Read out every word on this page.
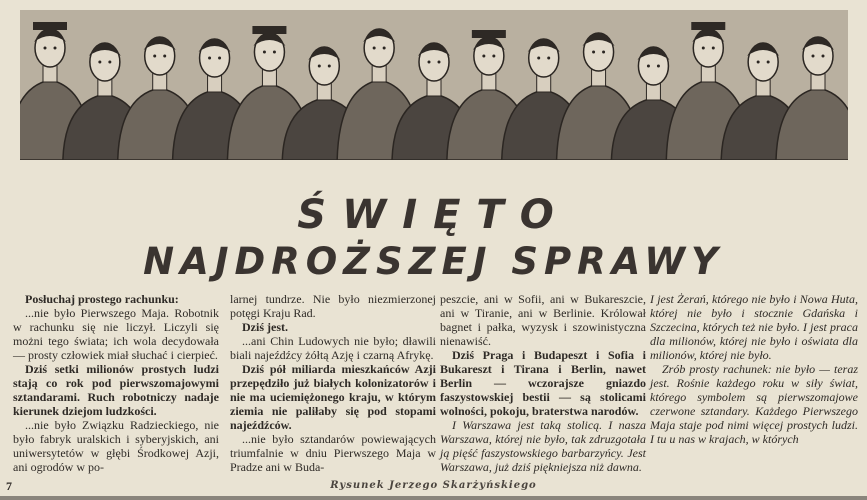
ŚWIĘTO
NAJDROŻSZEJ SPRAWY

Posłuchaj prostego rachunku:

...nie było Pierwszego Maja. Robotnik w rachunku się nie liczył. Liczyli się możni tego świata; ich wola decydowała — prosty człowiek miał słuchać i cierpieć.

Dziś setki milionów prostych ludzi stają co rok pod pierwszomajowymi sztandarami. Ruch robotniczy nadaje kierunek dziejom ludzkości.

...nie było Związku Radzieckiego, nie było fabryk uralskich i syberyjskich, ani uniwersytetów w głębi Środkowej Azji, ani ogrodów w po-

larnej tundrze. Nie było niezmierzonej potęgi Kraju Rad.

Dziś jest.

...ani Chin Ludowych nie było; dławili biali najeźdźcy żółtą Azję i czarną Afrykę.

Dziś pół miliarda mieszkańców Azji przepędziło już białych kolonizatorów i nie ma uciemiężonego kraju, w którym ziemia nie paliłaby się pod stopami najeźdźców.

...nie było sztandarów powiewających triumfalnie w dniu Pierwszego Maja w Pradze ani w Buda-

peszcie, ani w Sofii, ani w Bukareszcie, ani w Tiranie, ani w Berlinie. Królował bagnet i pałka, wyzysk i szowinistyczna nienawiść.

Dziś Praga i Budapeszt i Sofia i Bukareszt i Tirana i Berlin, nawet Berlin — wczorajsze gniazdo faszystowskiej bestii — są stolicami wolności, pokoju, braterstwa narodów.

I Warszawa jest taką stolicą. I nasza Warszawa, której nie było, tak zdruzgotała ją pięść faszystowskiego barbarzyńcy. Jest Warszawa, już dziś piękniejsza niż dawna.

I jest Żerań, którego nie było i Nowa Huta, której nie było i stocznie Gdańska i Szczecina, których też nie było. I jest praca dla milionów, której nie było i oświata dla milionów, której nie było.

Zrób prosty rachunek: nie było — teraz jest. Rośnie każdego roku w siły świat, którego symbolem są pierwszomajowe czerwone sztandary. Każdego Pierwszego Maja staje pod nimi więcej prostych ludzi. I tu u nas w krajach, w których

7	Rysunek Jerzego Skarżyńskiego
